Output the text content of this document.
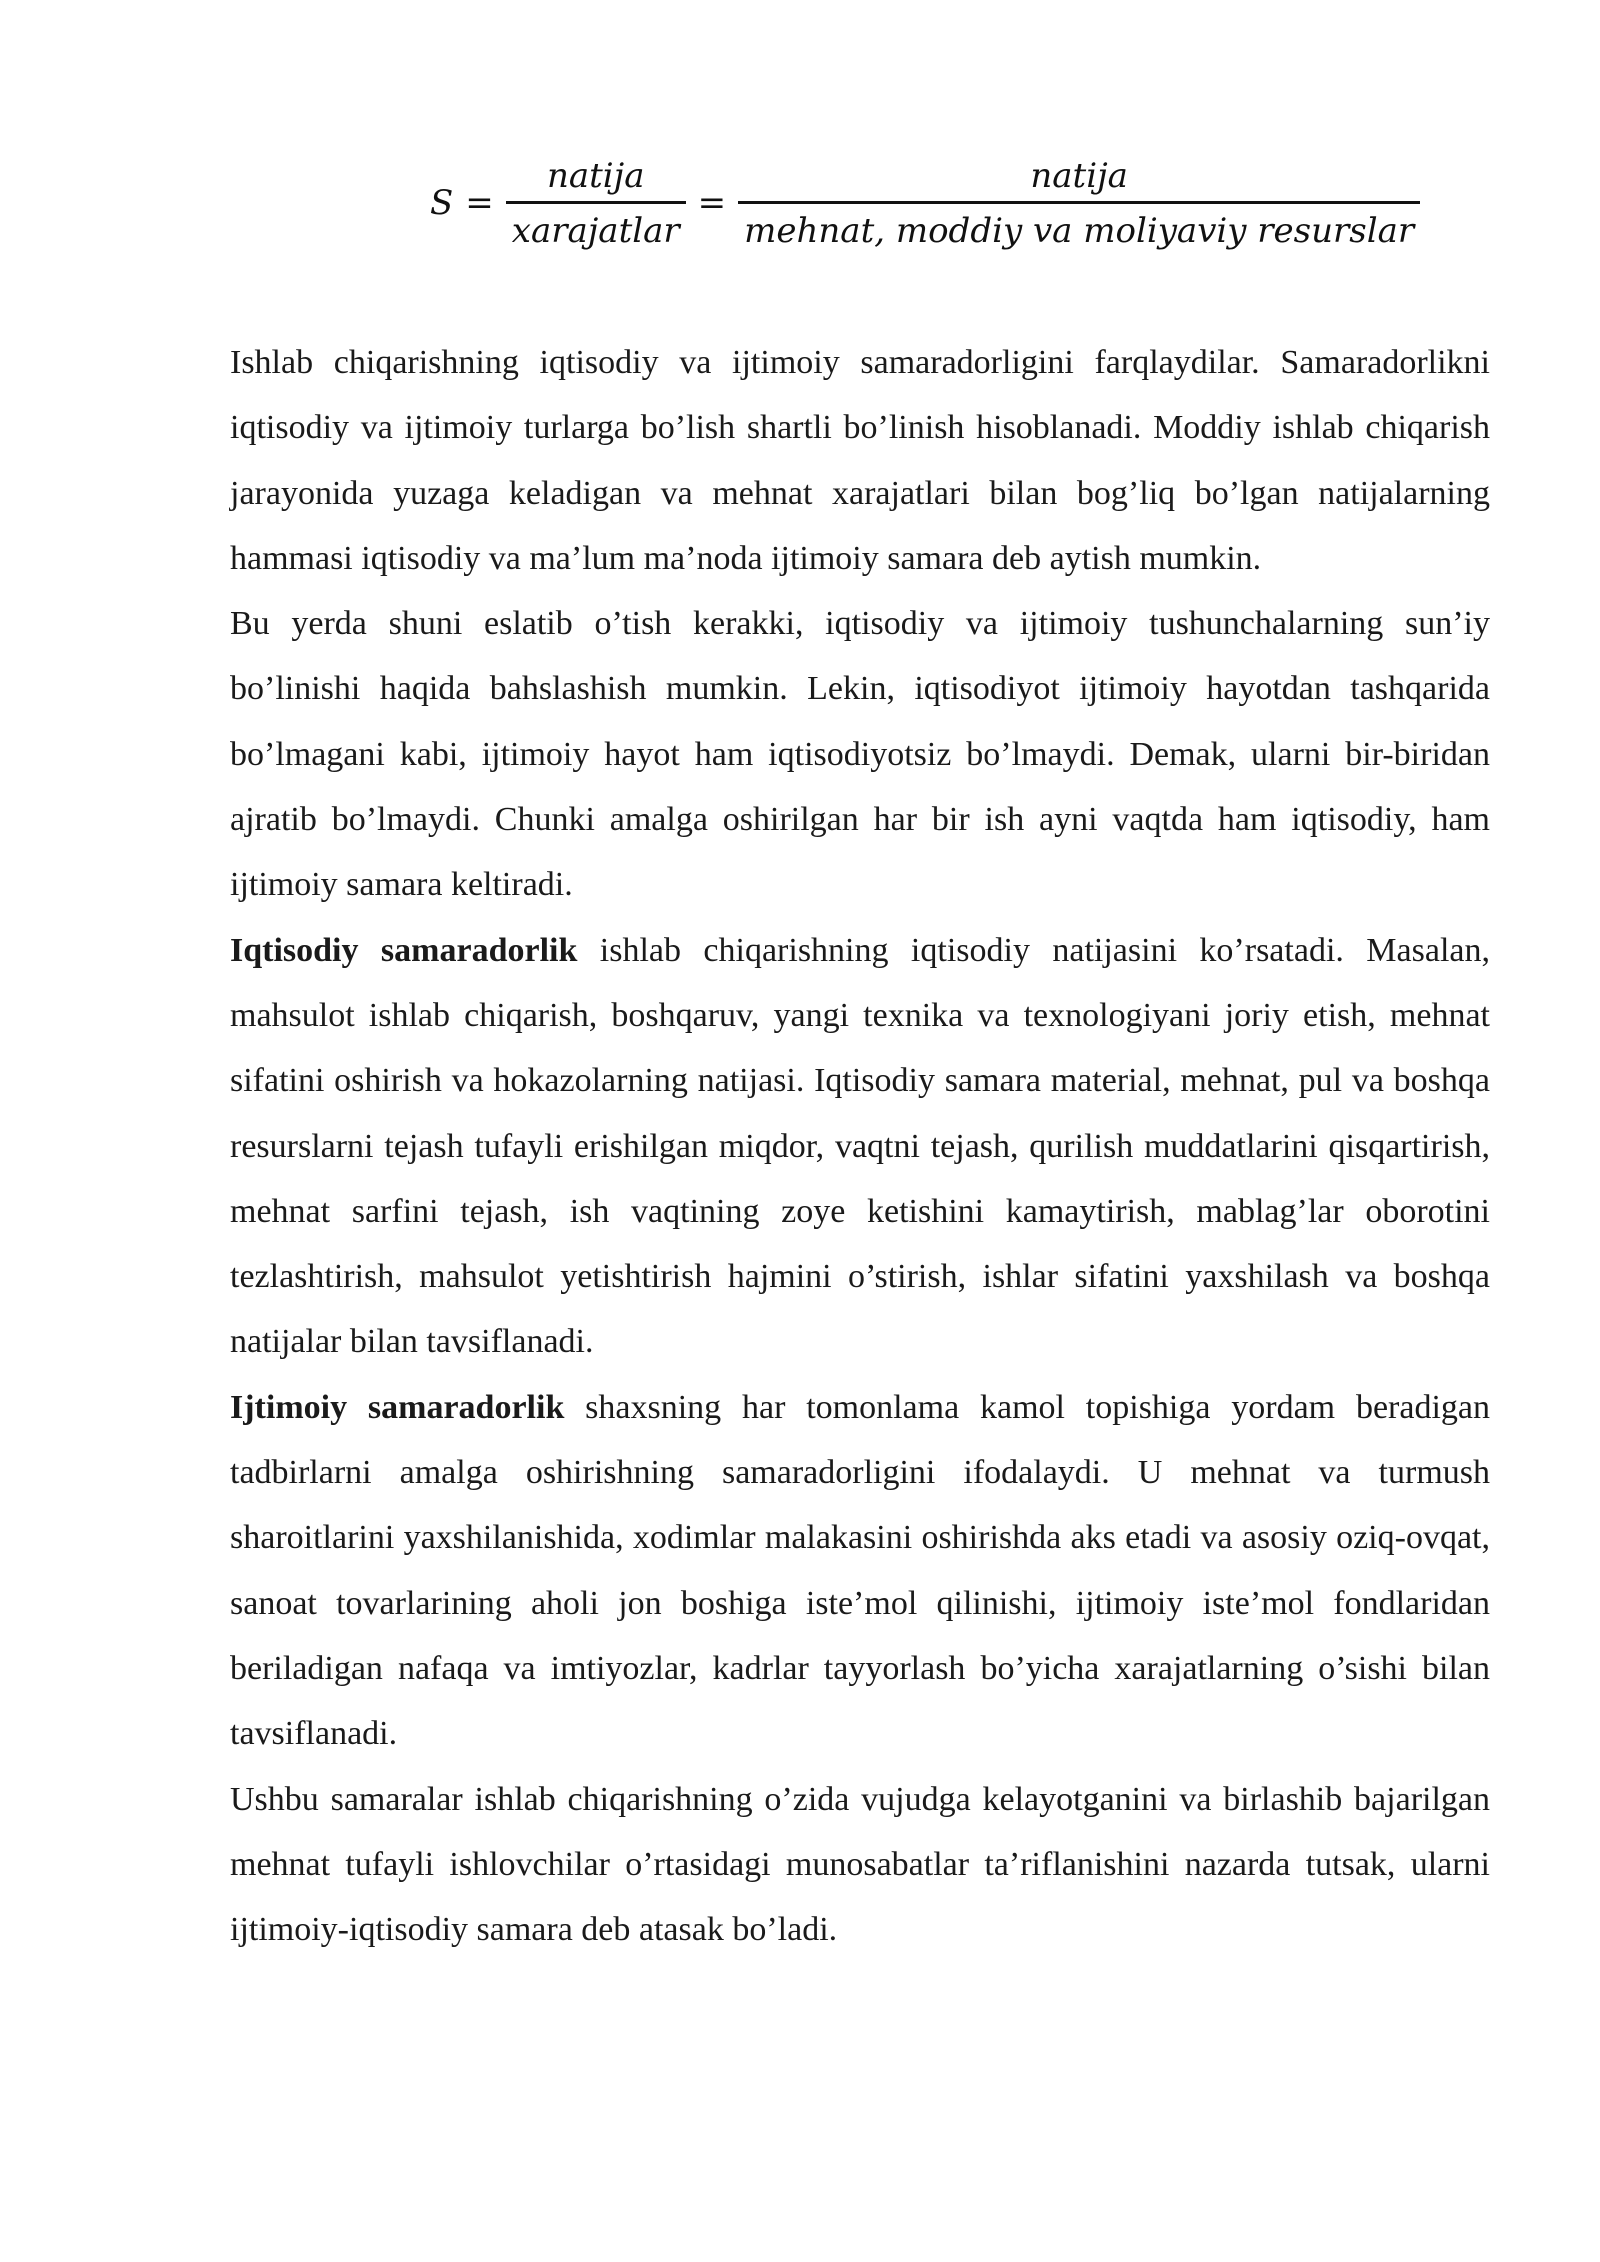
$S = \frac{\text{natija}}{\text{xarajatlar}} = \frac{\text{natija}}{\text{mehnat, moddiy va moliyaviy resurslar}}$

Ishlab chiqarishning iqtisodiy va ijtimoiy samaradorligini farqlaydilar. Samaradorlikni iqtisodiy va ijtimoiy turlarga bo’lish shartli bo’linish hisoblanadi. Moddiy ishlab chiqarish jarayonida yuzaga keladigan va mehnat xarajatlari bilan bog’liq bo’lgan natijalarning hammasi iqtisodiy va ma’lum ma’noda ijtimoiy samara deb aytish mumkin.

Bu yerda shuni eslatib o’tish kerakki, iqtisodiy va ijtimoiy tushunchalarning sun’iy bo’linishi haqida bahslashish mumkin. Lekin, iqtisodiyot ijtimoiy hayotdan tashqarida bo’lmagani kabi, ijtimoiy hayot ham iqtisodiyotsiz bo’lmaydi. Demak, ularni bir-biridan ajratib bo’lmaydi. Chunki amalga oshirilgan har bir ish ayni vaqtda ham iqtisodiy, ham ijtimoiy samara keltiradi.

Iqtisodiy samaradorlik ishlab chiqarishning iqtisodiy natijasini ko’rsatadi. Masalan, mahsulot ishlab chiqarish, boshqaruv, yangi texnika va texnologiyani joriy etish, mehnat sifatini oshirish va hokazolarning natijasi. Iqtisodiy samara material, mehnat, pul va boshqa resurslarni tejash tufayli erishilgan miqdor, vaqtni tejash, qurilish muddatlarini qisqartirish, mehnat sarfini tejash, ish vaqtining zoye ketishini kamaytirish, mablag’lar oborotini tezlashtirish, mahsulot yetishtirish hajmini o’stirish, ishlar sifatini yaxshilash va boshqa natijalar bilan tavsiflanadi.

Ijtimoiy samaradorlik shaxsning har tomonlama kamol topishiga yordam beradigan tadbirlarni amalga oshirishning samaradorligini ifodalaydi. U mehnat va turmush sharoitlarini yaxshilanishida, xodimlar malakasini oshirishda aks etadi va asosiy oziq-ovqat, sanoat tovarlarining aholi jon boshiga iste’mol qilinishi, ijtimoiy iste’mol fondlaridan beriladigan nafaqa va imtiyozlar, kadrlar tayyorlash bo’yicha xarajatlarning o’sishi bilan tavsiflanadi.

Ushbu samaralar ishlab chiqarishning o’zida vujudga kelayotganini va birlashib bajarilgan mehnat tufayli ishlovchilar o’rtasidagi munosabatlar ta’riflanishini nazarda tutsak, ularni ijtimoiy-iqtisodiy samara deb atasak bo’ladi.
